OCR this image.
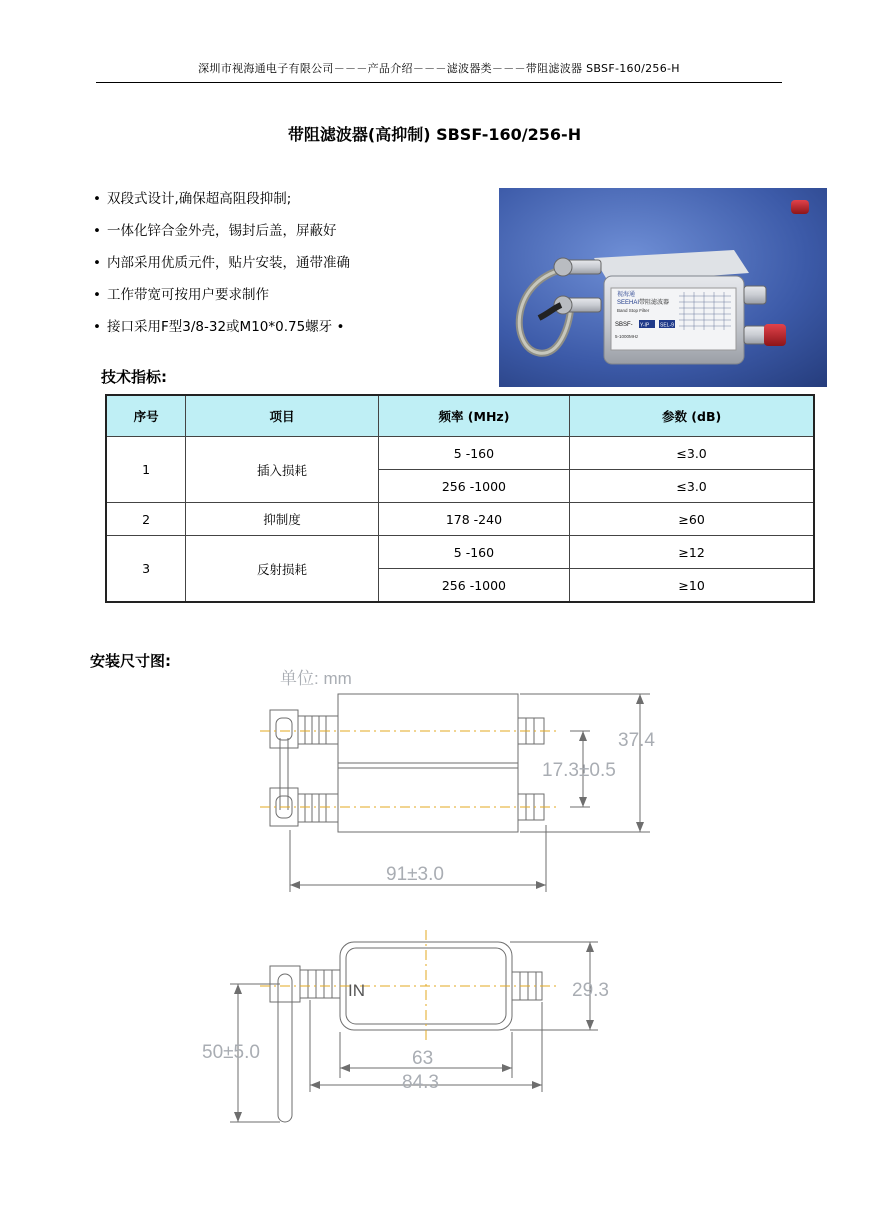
深圳市视海通电子有限公司－－－产品介绍－－－滤波器类－－－带阻滤波器 SBSF-160/256-H
带阻滤波器(高抑制) SBSF-160/256-H
• 双段式设计,确保超高阻段抑制;
• 一体化锌合金外壳，锡封后盖，屏蔽好
• 内部采用优质元件，贴片安装，通带准确
• 工作带宽可按用户要求制作
• 接口采用F型3/8-32或M10*0.75螺牙 •
视海通
SEEHAI 带阻滤波器
Band Stop Filter
SBSF- Y-IP SEL-9
5-1000MHz
技术指标:
序号	项目	频率 (MHz)	参数 (dB)
1	插入损耗	5 -160	≤3.0
		256 -1000	≤3.0
2	抑制度	178 -240	≥60
3	反射损耗	5 -160	≥12
		256 -1000	≥10
安装尺寸图:
单位: mm
37.4
17.3±0.5
91±3.0
29.3
50±5.0	63
84.3
IN
